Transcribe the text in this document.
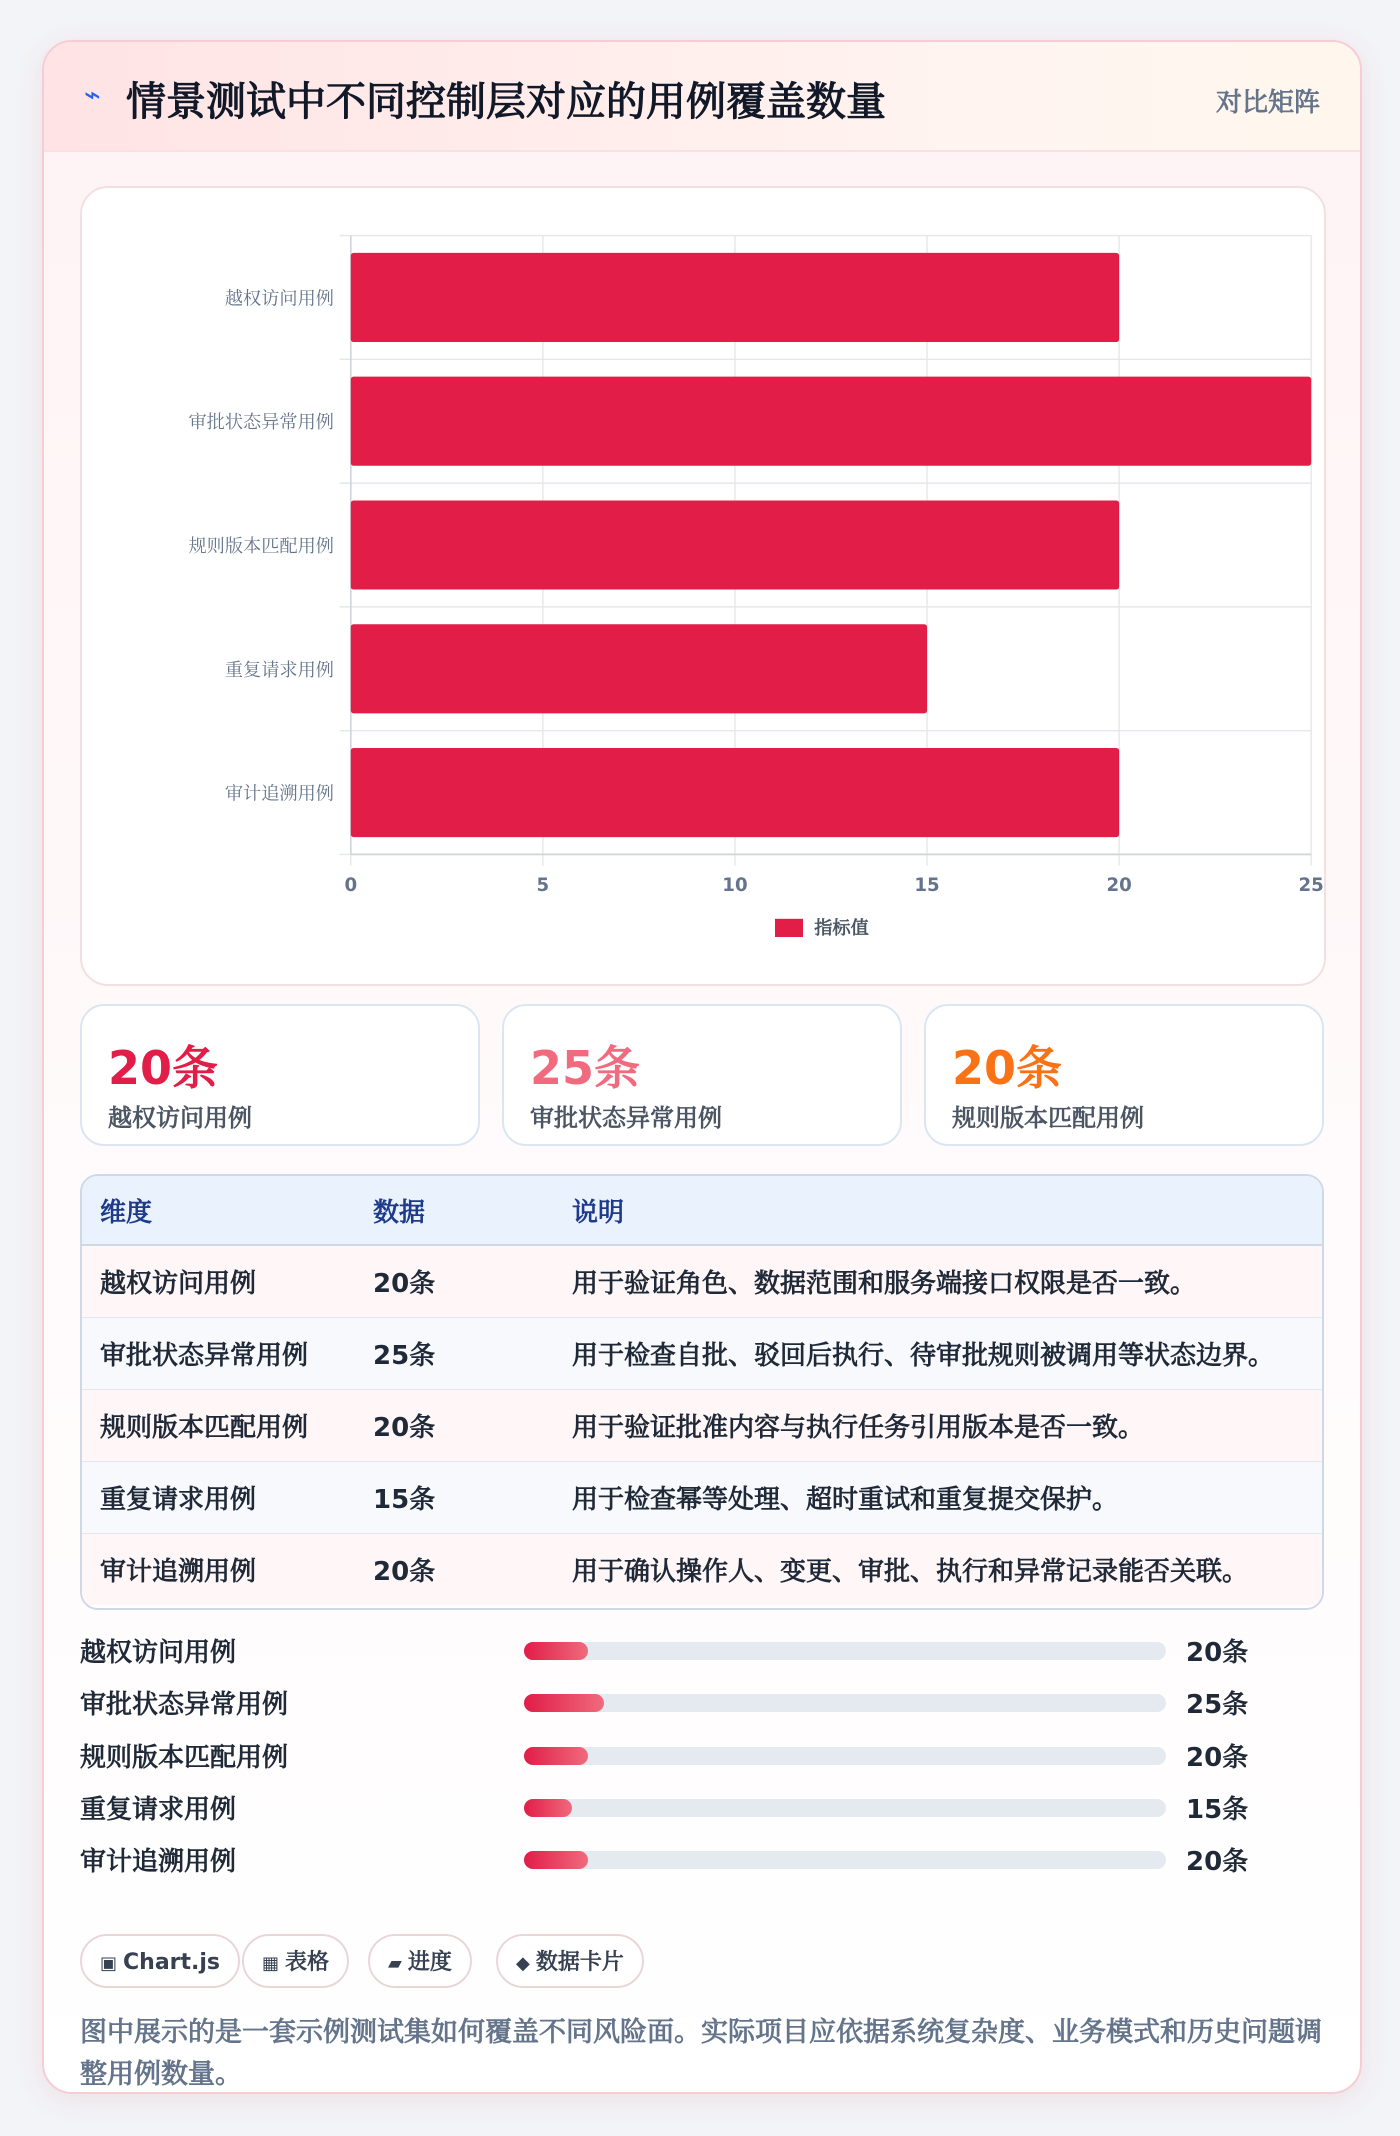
⌁ 情景测试中不同控制层对应的用例覆盖数量	对比矩阵
0	5	10	15	20	25
越权访问用例
审批状态异常用例
规则版本匹配用例
重复请求用例
审计追溯用例
指标值
20条
越权访问用例
25条
审批状态异常用例
20条
规则版本匹配用例
维度	数据	说明
越权访问用例	20条	用于验证角色、数据范围和服务端接口权限是否一致。
审批状态异常用例	25条	用于检查自批、驳回后执行、待审批规则被调用等状态边界。
规则版本匹配用例	20条	用于验证批准内容与执行任务引用版本是否一致。
重复请求用例	15条	用于检查幂等处理、超时重试和重复提交保护。
审计追溯用例	20条	用于确认操作人、变更、审批、执行和异常记录能否关联。
越权访问用例	20条
审批状态异常用例	25条
规则版本匹配用例	20条
重复请求用例	15条
审计追溯用例	20条
▣ Chart.js	▦ 表格	▰ 进度	◆ 数据卡片
图中展示的是一套示例测试集如何覆盖不同风险面。实际项目应依据系统复杂度、业务模式和历史问题调整用例数量。
